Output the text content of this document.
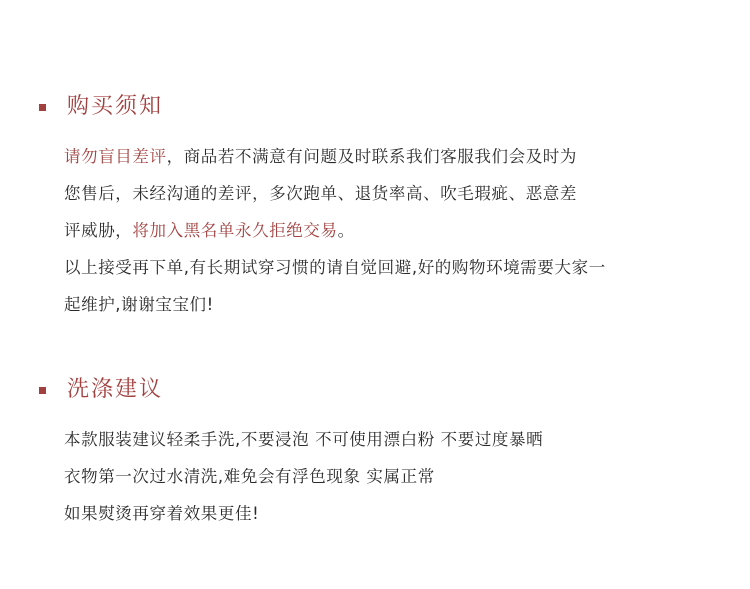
购买须知
请勿盲目差评，商品若不满意有问题及时联系我们客服我们会及时为
您售后，未经沟通的差评，多次跑单、退货率高、吹毛瑕疵、恶意差
评威胁，将加入黑名单永久拒绝交易。
以上接受再下单,有长期试穿习惯的请自觉回避,好的购物环境需要大家一
起维护,谢谢宝宝们!
洗涤建议
本款服装建议轻柔手洗,不要浸泡 不可使用漂白粉 不要过度暴晒
衣物第一次过水清洗,难免会有浮色现象 实属正常
如果熨烫再穿着效果更佳!
